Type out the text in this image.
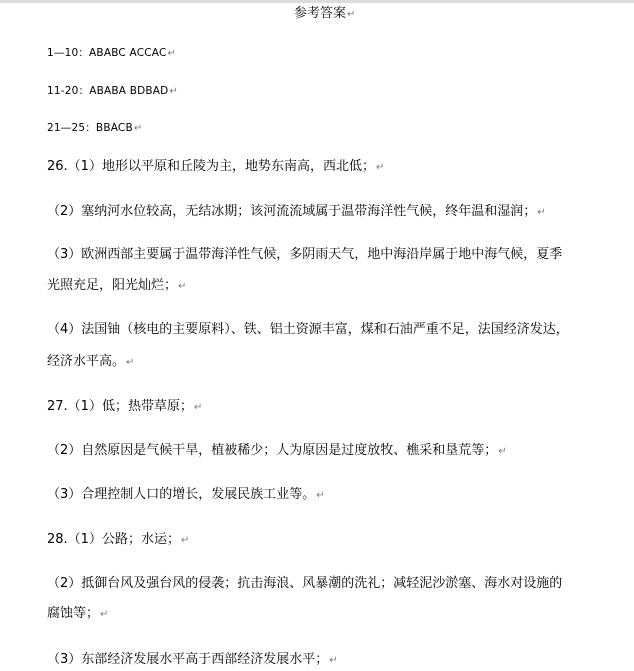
参考答案↵
1—10：ABABC ACCAC↵
11-20：ABABA BDBAD↵
21—25：BBACB↵
26.（1）地形以平原和丘陵为主，地势东南高，西北低；↵
（2）塞纳河水位较高，无结冰期；该河流流域属于温带海洋性气候，终年温和湿润；↵
（3）欧洲西部主要属于温带海洋性气候，多阴雨天气，地中海沿岸属于地中海气候，夏季
光照充足，阳光灿烂；↵
（4）法国铀（核电的主要原料）、铁、铝土资源丰富，煤和石油严重不足，法国经济发达，
经济水平高。↵
27.（1）低；热带草原；↵
（2）自然原因是气候干旱，植被稀少；人为原因是过度放牧、樵采和垦荒等；↵
（3）合理控制人口的增长，发展民族工业等。↵
28.（1）公路；水运；↵
（2）抵御台风及强台风的侵袭；抗击海浪、风暴潮的洗礼；减轻泥沙淤塞、海水对设施的
腐蚀等；↵
（3）东部经济发展水平高于西部经济发展水平；↵
